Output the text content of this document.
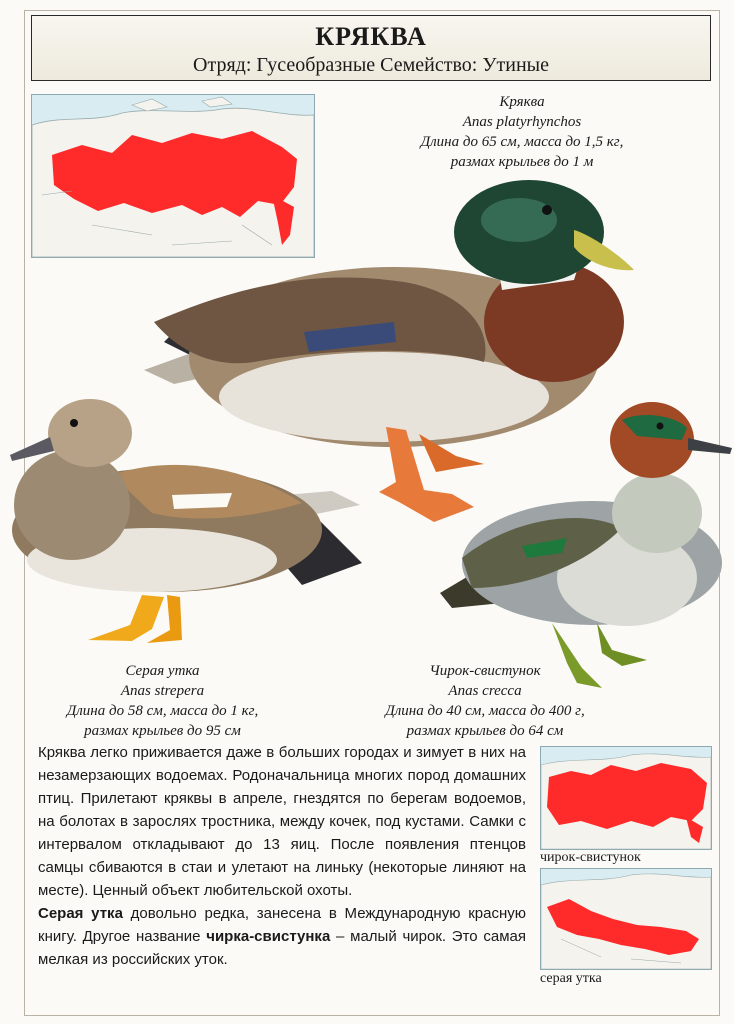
КРЯКВА
Отряд: Гусеобразные Семейство: Утиные
Кряква
Anas platyrhynchos
Длина до 65 см, масса до 1,5 кг,
размах крыльев до 1 м
Серая утка
Anas strepera
Длина до 58 см, масса до 1 кг,
размах крыльев до 95 см
Чирок-свистунок
Anas crecca
Длина до 40 см, масса до 400 г,
размах крыльев до 64 см

Кряква легко приживается даже в больших городах и зимует в них на незамерзающих водоемах. Родоначальница многих пород домашних птиц. Прилетают кряквы в апреле, гнездятся по берегам водоемов, на болотах в зарослях тростника, между кочек, под кустами. Самки с интервалом откладывают до 13 яиц. После появления птенцов самцы сбиваются в стаи и улетают на линьку (некоторые линяют на месте). Ценный объект любительской охоты.

Серая утка довольно редка, занесена в Международную красную книгу. Другое название чирка-свистунка – малый чирок. Это самая мелкая из российских уток.

чирок-свистунок
серая утка
